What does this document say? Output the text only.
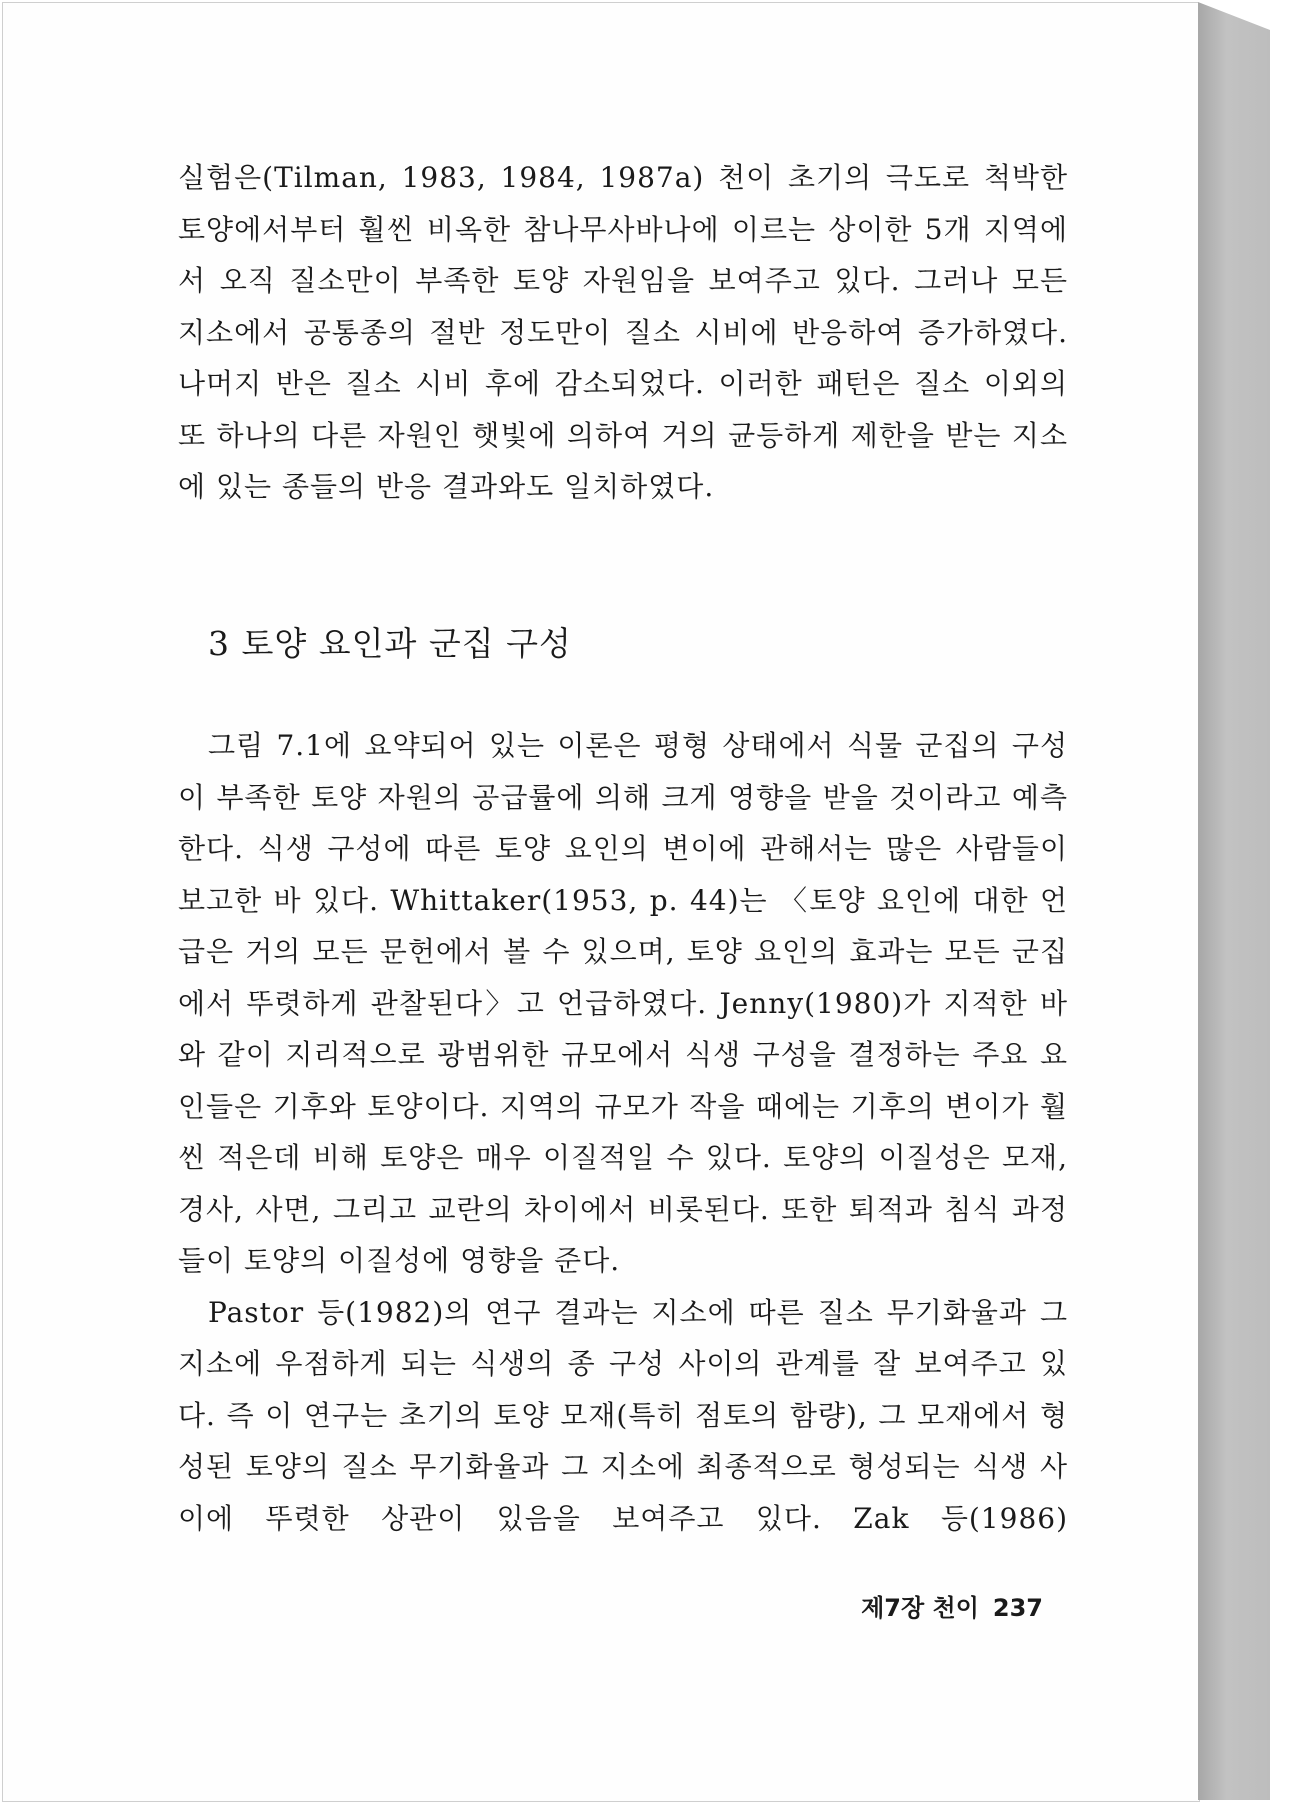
실험은(Tilman, 1983, 1984, 1987a) 천이 초기의 극도로 척박한 토양에서부터 훨씬 비옥한 참나무사바나에 이르는 상이한 5개 지역에서 오직 질소만이 부족한 토양 자원임을 보여주고 있다. 그러나 모든 지소에서 공통종의 절반 정도만이 질소 시비에 반응하여 증가하였다. 나머지 반은 질소 시비 후에 감소되었다. 이러한 패턴은 질소 이외의 또 하나의 다른 자원인 햇빛에 의하여 거의 균등하게 제한을 받는 지소에 있는 종들의 반응 결과와도 일치하였다.

3 토양 요인과 군집 구성

그림 7.1에 요약되어 있는 이론은 평형 상태에서 식물 군집의 구성이 부족한 토양 자원의 공급률에 의해 크게 영향을 받을 것이라고 예측한다. 식생 구성에 따른 토양 요인의 변이에 관해서는 많은 사람들이 보고한 바 있다. Whittaker(1953, p. 44)는 〈토양 요인에 대한 언급은 거의 모든 문헌에서 볼 수 있으며, 토양 요인의 효과는 모든 군집에서 뚜렷하게 관찰된다〉고 언급하였다. Jenny(1980)가 지적한 바와 같이 지리적으로 광범위한 규모에서 식생 구성을 결정하는 주요 요인들은 기후와 토양이다. 지역의 규모가 작을 때에는 기후의 변이가 훨씬 적은데 비해 토양은 매우 이질적일 수 있다. 토양의 이질성은 모재, 경사, 사면, 그리고 교란의 차이에서 비롯된다. 또한 퇴적과 침식 과정들이 토양의 이질성에 영향을 준다.

Pastor 등(1982)의 연구 결과는 지소에 따른 질소 무기화율과 그 지소에 우점하게 되는 식생의 종 구성 사이의 관계를 잘 보여주고 있다. 즉 이 연구는 초기의 토양 모재(특히 점토의 함량), 그 모재에서 형성된 토양의 질소 무기화율과 그 지소에 최종적으로 형성되는 식생 사이에 뚜렷한 상관이 있음을 보여주고 있다. Zak 등(1986)

제7장 천이 237
